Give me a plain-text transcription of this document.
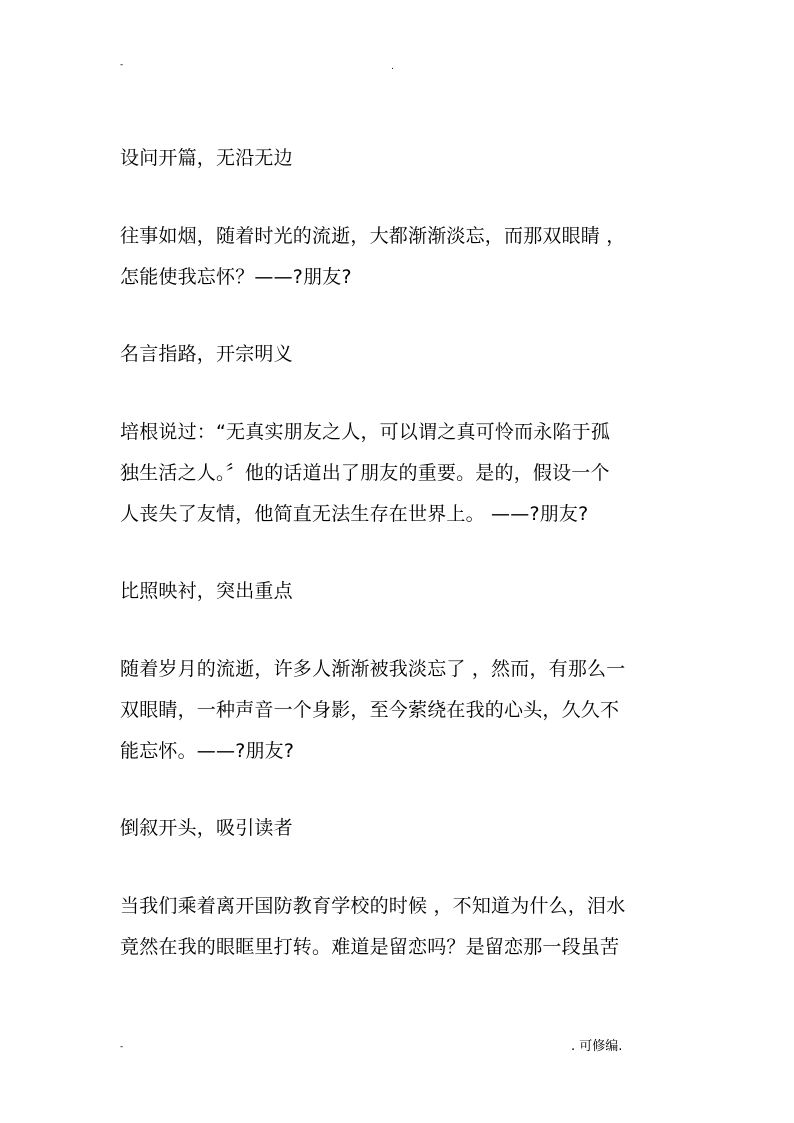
-	.

设问开篇，无沿无边

往事如烟，随着时光的流逝，大都渐渐淡忘，而那双眼睛 ，

怎能使我忘怀？——?朋友?

名言指路，开宗明义

培根说过：“无真实朋友之人，可以谓之真可怜而永陷于孤

独生活之人。〞他的话道出了朋友的重要。是的，假设一个

人丧失了友情，他简直无法生存在世界上。 ——?朋友?

比照映衬，突出重点

随着岁月的流逝，许多人渐渐被我淡忘了 ，然而，有那么一

双眼睛，一种声音一个身影，至今萦绕在我的心头，久久不

能忘怀。——?朋友?

倒叙开头，吸引读者

当我们乘着离开国防教育学校的时候 ，不知道为什么，泪水

竟然在我的眼眶里打转。难道是留恋吗？是留恋那一段虽苦

-	. 可修编.
